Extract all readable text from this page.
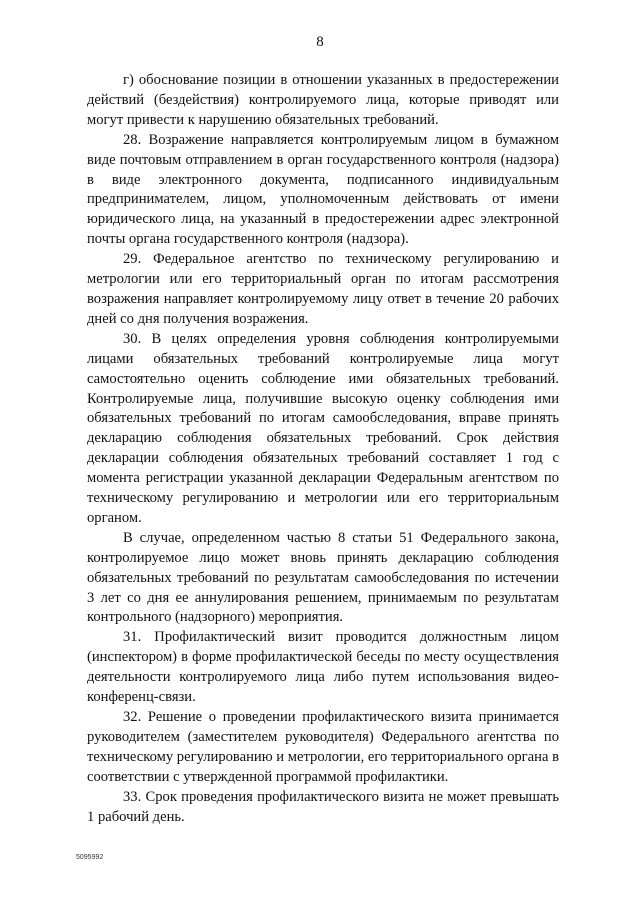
8

г) обоснование позиции в отношении указанных в предостережении действий (бездействия) контролируемого лица, которые приводят или могут привести к нарушению обязательных требований.

28. Возражение направляется контролируемым лицом в бумажном виде почтовым отправлением в орган государственного контроля (надзора) в виде электронного документа, подписанного индивидуальным предпринимателем, лицом, уполномоченным действовать от имени юридического лица, на указанный в предостережении адрес электронной почты органа государственного контроля (надзора).

29. Федеральное агентство по техническому регулированию и метрологии или его территориальный орган по итогам рассмотрения возражения направляет контролируемому лицу ответ в течение 20 рабочих дней со дня получения возражения.

30. В целях определения уровня соблюдения контролируемыми лицами обязательных требований контролируемые лица могут самостоятельно оценить соблюдение ими обязательных требований. Контролируемые лица, получившие высокую оценку соблюдения ими обязательных требований по итогам самообследования, вправе принять декларацию соблюдения обязательных требований. Срок действия декларации соблюдения обязательных требований составляет 1 год с момента регистрации указанной декларации Федеральным агентством по техническому регулированию и метрологии или его территориальным органом.

В случае, определенном частью 8 статьи 51 Федерального закона, контролируемое лицо может вновь принять декларацию соблюдения обязательных требований по результатам самообследования по истечении 3 лет со дня ее аннулирования решением, принимаемым по результатам контрольного (надзорного) мероприятия.

31. Профилактический визит проводится должностным лицом (инспектором) в форме профилактической беседы по месту осуществления деятельности контролируемого лица либо путем использования видео-конференц-связи.

32. Решение о проведении профилактического визита принимается руководителем (заместителем руководителя) Федерального агентства по техническому регулированию и метрологии, его территориального органа в соответствии с утвержденной программой профилактики.

33. Срок проведения профилактического визита не может превышать 1 рабочий день.

5095992
